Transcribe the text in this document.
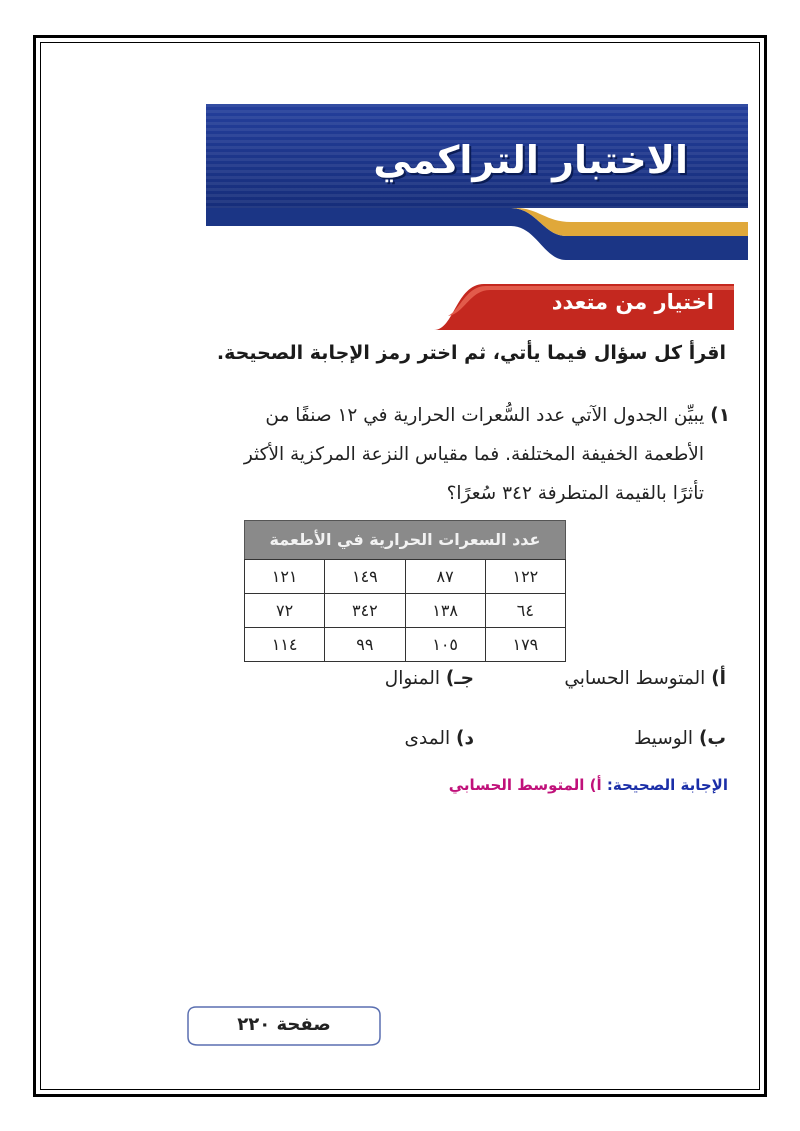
الاختبار التراكمي
اختيار من متعدد
اقرأ كل سؤال فيما يأتي، ثم اختر رمز الإجابة الصحيحة.
١)يبيِّن الجدول الآتي عدد السُّعرات الحرارية في ١٢ صنفًا من
الأطعمة الخفيفة المختلفة. فما مقياس النزعة المركزية الأكثر
تأثرًا بالقيمة المتطرفة ٣٤٢ سُعرًا؟
عدد السعرات الحرارية في الأطعمة
١٢٢	٨٧	١٤٩	١٢١
٦٤	١٣٨	٣٤٢	٧٢
١٧٩	١٠٥	٩٩	١١٤
أ) المتوسط الحسابي
جـ) المنوال
ب) الوسيط
د) المدى
الإجابة الصحيحة: أ) المتوسط الحسابي
صفحة ٢٢٠
